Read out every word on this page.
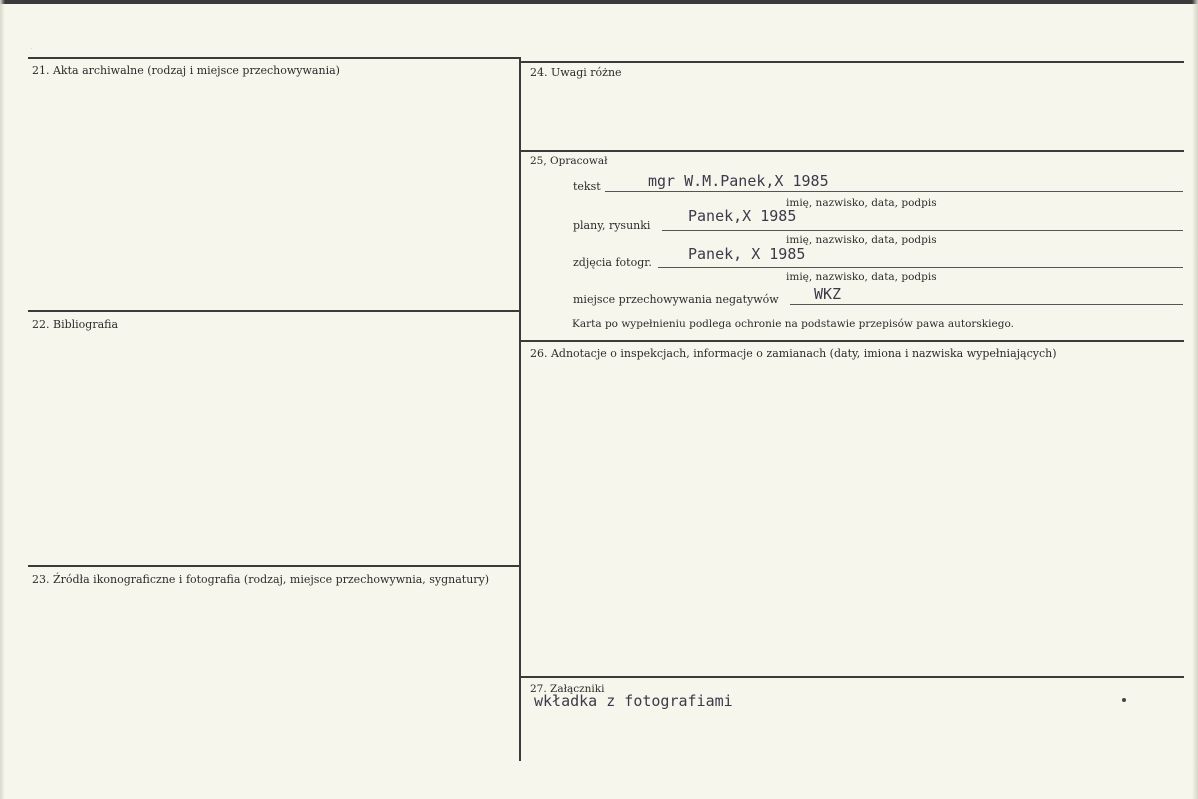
·
21. Akta archiwalne (rodzaj i miejsce przechowywania)
22. Bibliografia
23. Źródła ikonograficzne i fotografia (rodzaj, miejsce przechowywnia, sygnatury)
24. Uwagi różne
25, Opracował
tekst	mgr W.M.Panek,X 1985
imię, nazwisko, data, podpis
plany, rysunki
Panek,X 1985
imię, nazwisko, data, podpis
zdjęcia fotogr. Panek, X 1985
imię, nazwisko, data, podpis
miejsce przechowywania negatywów WKZ
Karta po wypełnieniu podlega ochronie na podstawie przepisów pawa autorskiego.
26. Adnotacje o inspekcjach, informacje o zamianach (daty, imiona i nazwiska wypełniających)
27. Załączniki
wkładka z fotografiami
